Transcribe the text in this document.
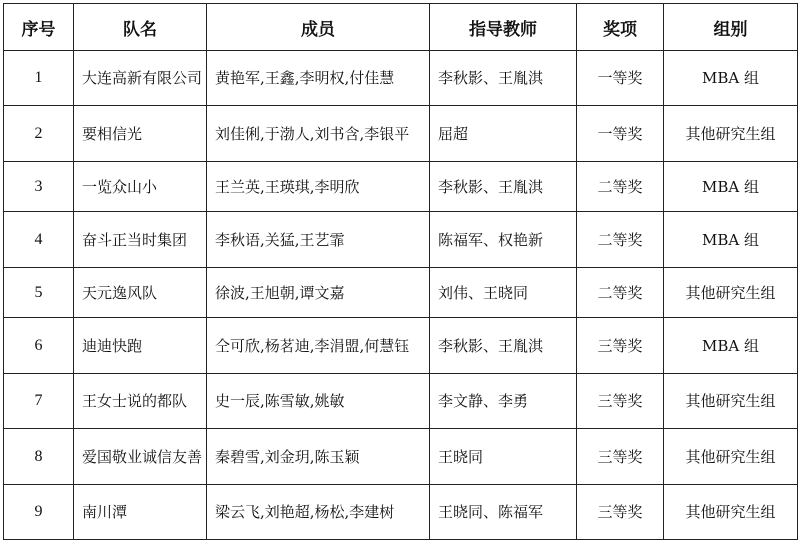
序号	队名	成员	指导教师	奖项	组别
1	大连高新有限公司	黄艳军,王鑫,李明权,付佳慧	李秋影、王胤淇	一等奖	MBA 组
2	要相信光	刘佳俐,于渤人,刘书含,李银平	屈超	一等奖	其他研究生组
3	一览众山小	王兰英,王瑛琪,李明欣	李秋影、王胤淇	二等奖	MBA 组
4	奋斗正当时集团	李秋语,关猛,王艺霏	陈福军、权艳新	二等奖	MBA 组
5	天元逸风队	徐波,王旭朝,谭文嘉	刘伟、王晓同	二等奖	其他研究生组
6	迪迪快跑	仝可欣,杨茗迪,李涓盟,何慧钰	李秋影、王胤淇	三等奖	MBA 组
7	王女士说的都队	史一辰,陈雪敏,姚敏	李文静、李勇	三等奖	其他研究生组
8	爱国敬业诚信友善	秦碧雪,刘金玥,陈玉颖	王晓同	三等奖	其他研究生组
9	南川潭	梁云飞,刘艳超,杨松,李建树	王晓同、陈福军	三等奖	其他研究生组
